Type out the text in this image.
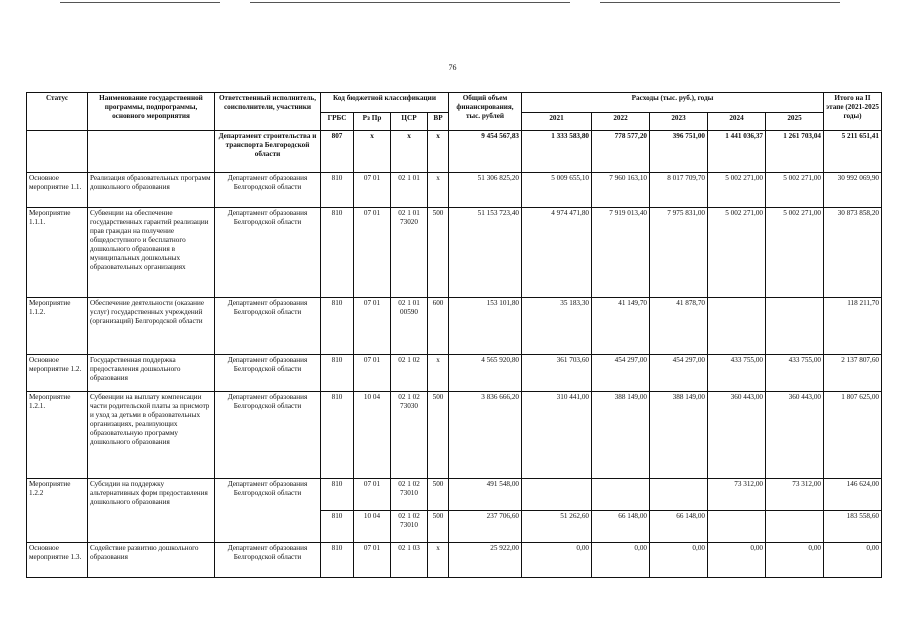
76
Статус	Наименование государственной программы, подпрограммы, основного мероприятия	Ответственный исполнитель, соисполнители, участники	Код бюджетной классификации				Общий объем финансирования, тыс. рублей	Расходы (тыс. руб.), годы					Итого на II этапе (2021-2025 годы)
			ГРБС	Рз Пр	ЦСР	ВР		2021	2022	2023	2024	2025	

		Департамент строительства и транспорта Белгородской области	807	х	х	х	9 454 567,83	1 333 583,80	778 577,20	396 751,00	1 441 036,37	1 261 703,04	5 211 651,41
Основное мероприятие 1.1.	Реализация образовательных программ дошкольного образования	Департамент образования Белгородской области	810	07 01	02 1 01	х	51 306 825,20	5 009 655,10	7 960 163,10	8 017 709,70	5 002 271,00	5 002 271,00	30 992 069,90
Мероприятие 1.1.1.	Субвенции на обеспечение государственных гарантий реализации прав граждан на получение общедоступного и бесплатного дошкольного образования в муниципальных дошкольных образовательных организациях	Департамент образования Белгородской области	810	07 01	02 1 01 73020	500	51 153 723,40	4 974 471,80	7 919 013,40	7 975 831,00	5 002 271,00	5 002 271,00	30 873 858,20
Мероприятие 1.1.2.	Обеспечение деятельности (оказание услуг) государственных учреждений (организаций) Белгородской области	Департамент образования Белгородской области	810	07 01	02 1 01 00590	600	153 101,80	35 183,30	41 149,70	41 878,70			118 211,70
Основное мероприятие 1.2.	Государственная поддержка предоставления дошкольного образования	Департамент образования Белгородской области	810	07 01	02 1 02	х	4 565 920,80	361 703,60	454 297,00	454 297,00	433 755,00	433 755,00	2 137 807,60
Мероприятие 1.2.1.	Субвенции на выплату компенсации части родительской платы за присмотр и уход за детьми в образовательных организациях, реализующих образовательную программу дошкольного образования	Департамент образования Белгородской области	810	10 04	02 1 02 73030	500	3 836 666,20	310 441,00	388 149,00	388 149,00	360 443,00	360 443,00	1 807 625,00
Мероприятие 1.2.2	Субсидии на поддержку альтернативных форм предоставления дошкольного образования	Департамент образования Белгородской области	810	07 01	02 1 02 73010	500	491 548,00				73 312,00	73 312,00	146 624,00
			810	10 04	02 1 02 73010	500	237 706,60	51 262,60	66 148,00	66 148,00			183 558,60
Основное мероприятие 1.3.	Содействие развитию дошкольного образования	Департамент образования Белгородской области	810	07 01	02 1 03	х	25 922,00	0,00	0,00	0,00	0,00	0,00	0,00
